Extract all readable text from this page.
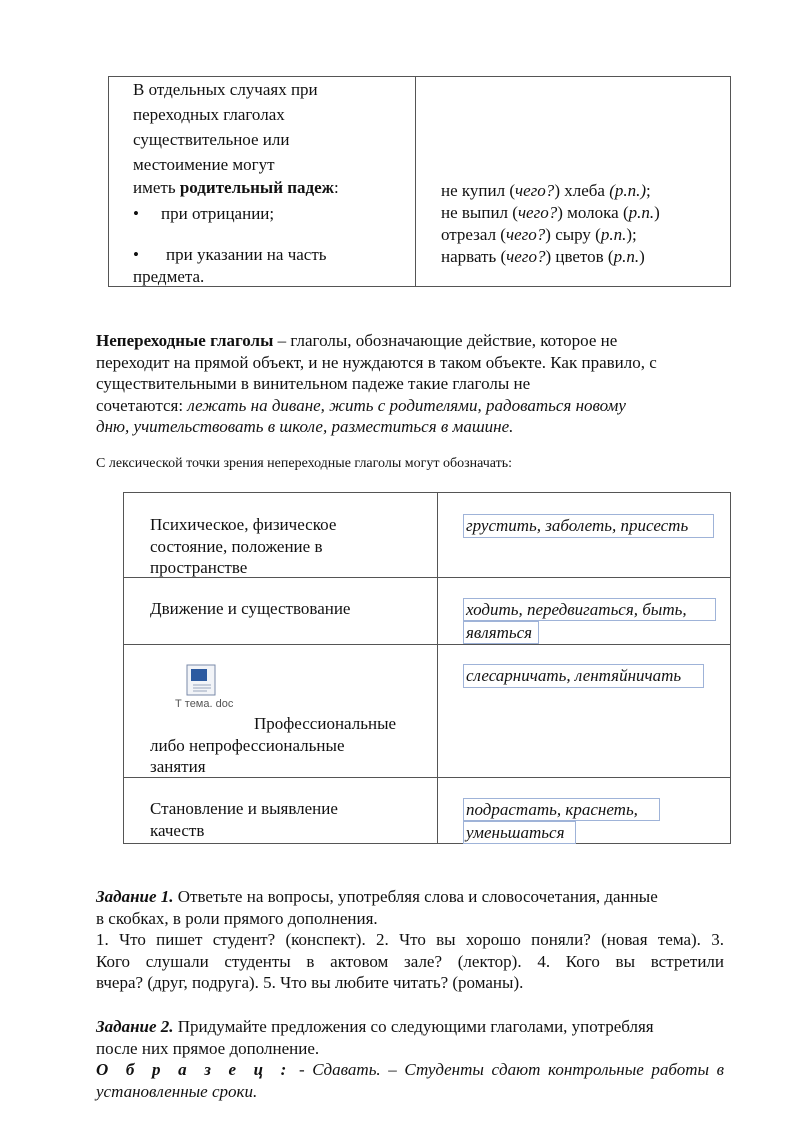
В отдельных случаях при
переходных глаголах
существительное или
местоимение могут
иметь родительный падеж:
• при отрицании;
• при указании на часть
предмета.
не купил (чего?) хлеба (р.п.);
не выпил (чего?) молока (р.п.)
отрезал (чего?) сыру (р.п.);
нарвать (чего?) цветов (р.п.)
Непереходные глаголы – глаголы, обозначающие действие, которое не
переходит на прямой объект, и не нуждаются в таком объекте. Как правило, с
существительными в винительном падеже такие глаголы не
сочетаются: лежать на диване, жить с родителями, радоваться новому
дню, учительствовать в школе, разместиться в машине.
С лексической точки зрения непереходные глаголы могут обозначать:
Психическое, физическое
состояние, положение в
пространстве
грустить, заболеть, присесть
Движение и существование	ходить, передвигаться, быть,
являться
Т тема. doc
Профессиональные
либо непрофессиональные
занятия
слесарничать, лентяйничать
Становление и выявление
качеств
подрастать, краснеть,
уменьшаться
Задание 1. Ответьте на вопросы, употребляя слова и словосочетания, данные
в скобках, в роли прямого дополнения.
1. Что пишет студент? (конспект). 2. Что вы хорошо поняли? (новая тема). 3.
Кого слушали студенты в актовом зале? (лектор). 4. Кого вы встретили
вчера? (друг, подруга). 5. Что вы любите читать? (романы).
Задание 2. Придумайте предложения со следующими глаголами, употребляя
после них прямое дополнение.
О б р а з е ц : - Сдавать. – Студенты сдают контрольные работы в
установленные сроки.
